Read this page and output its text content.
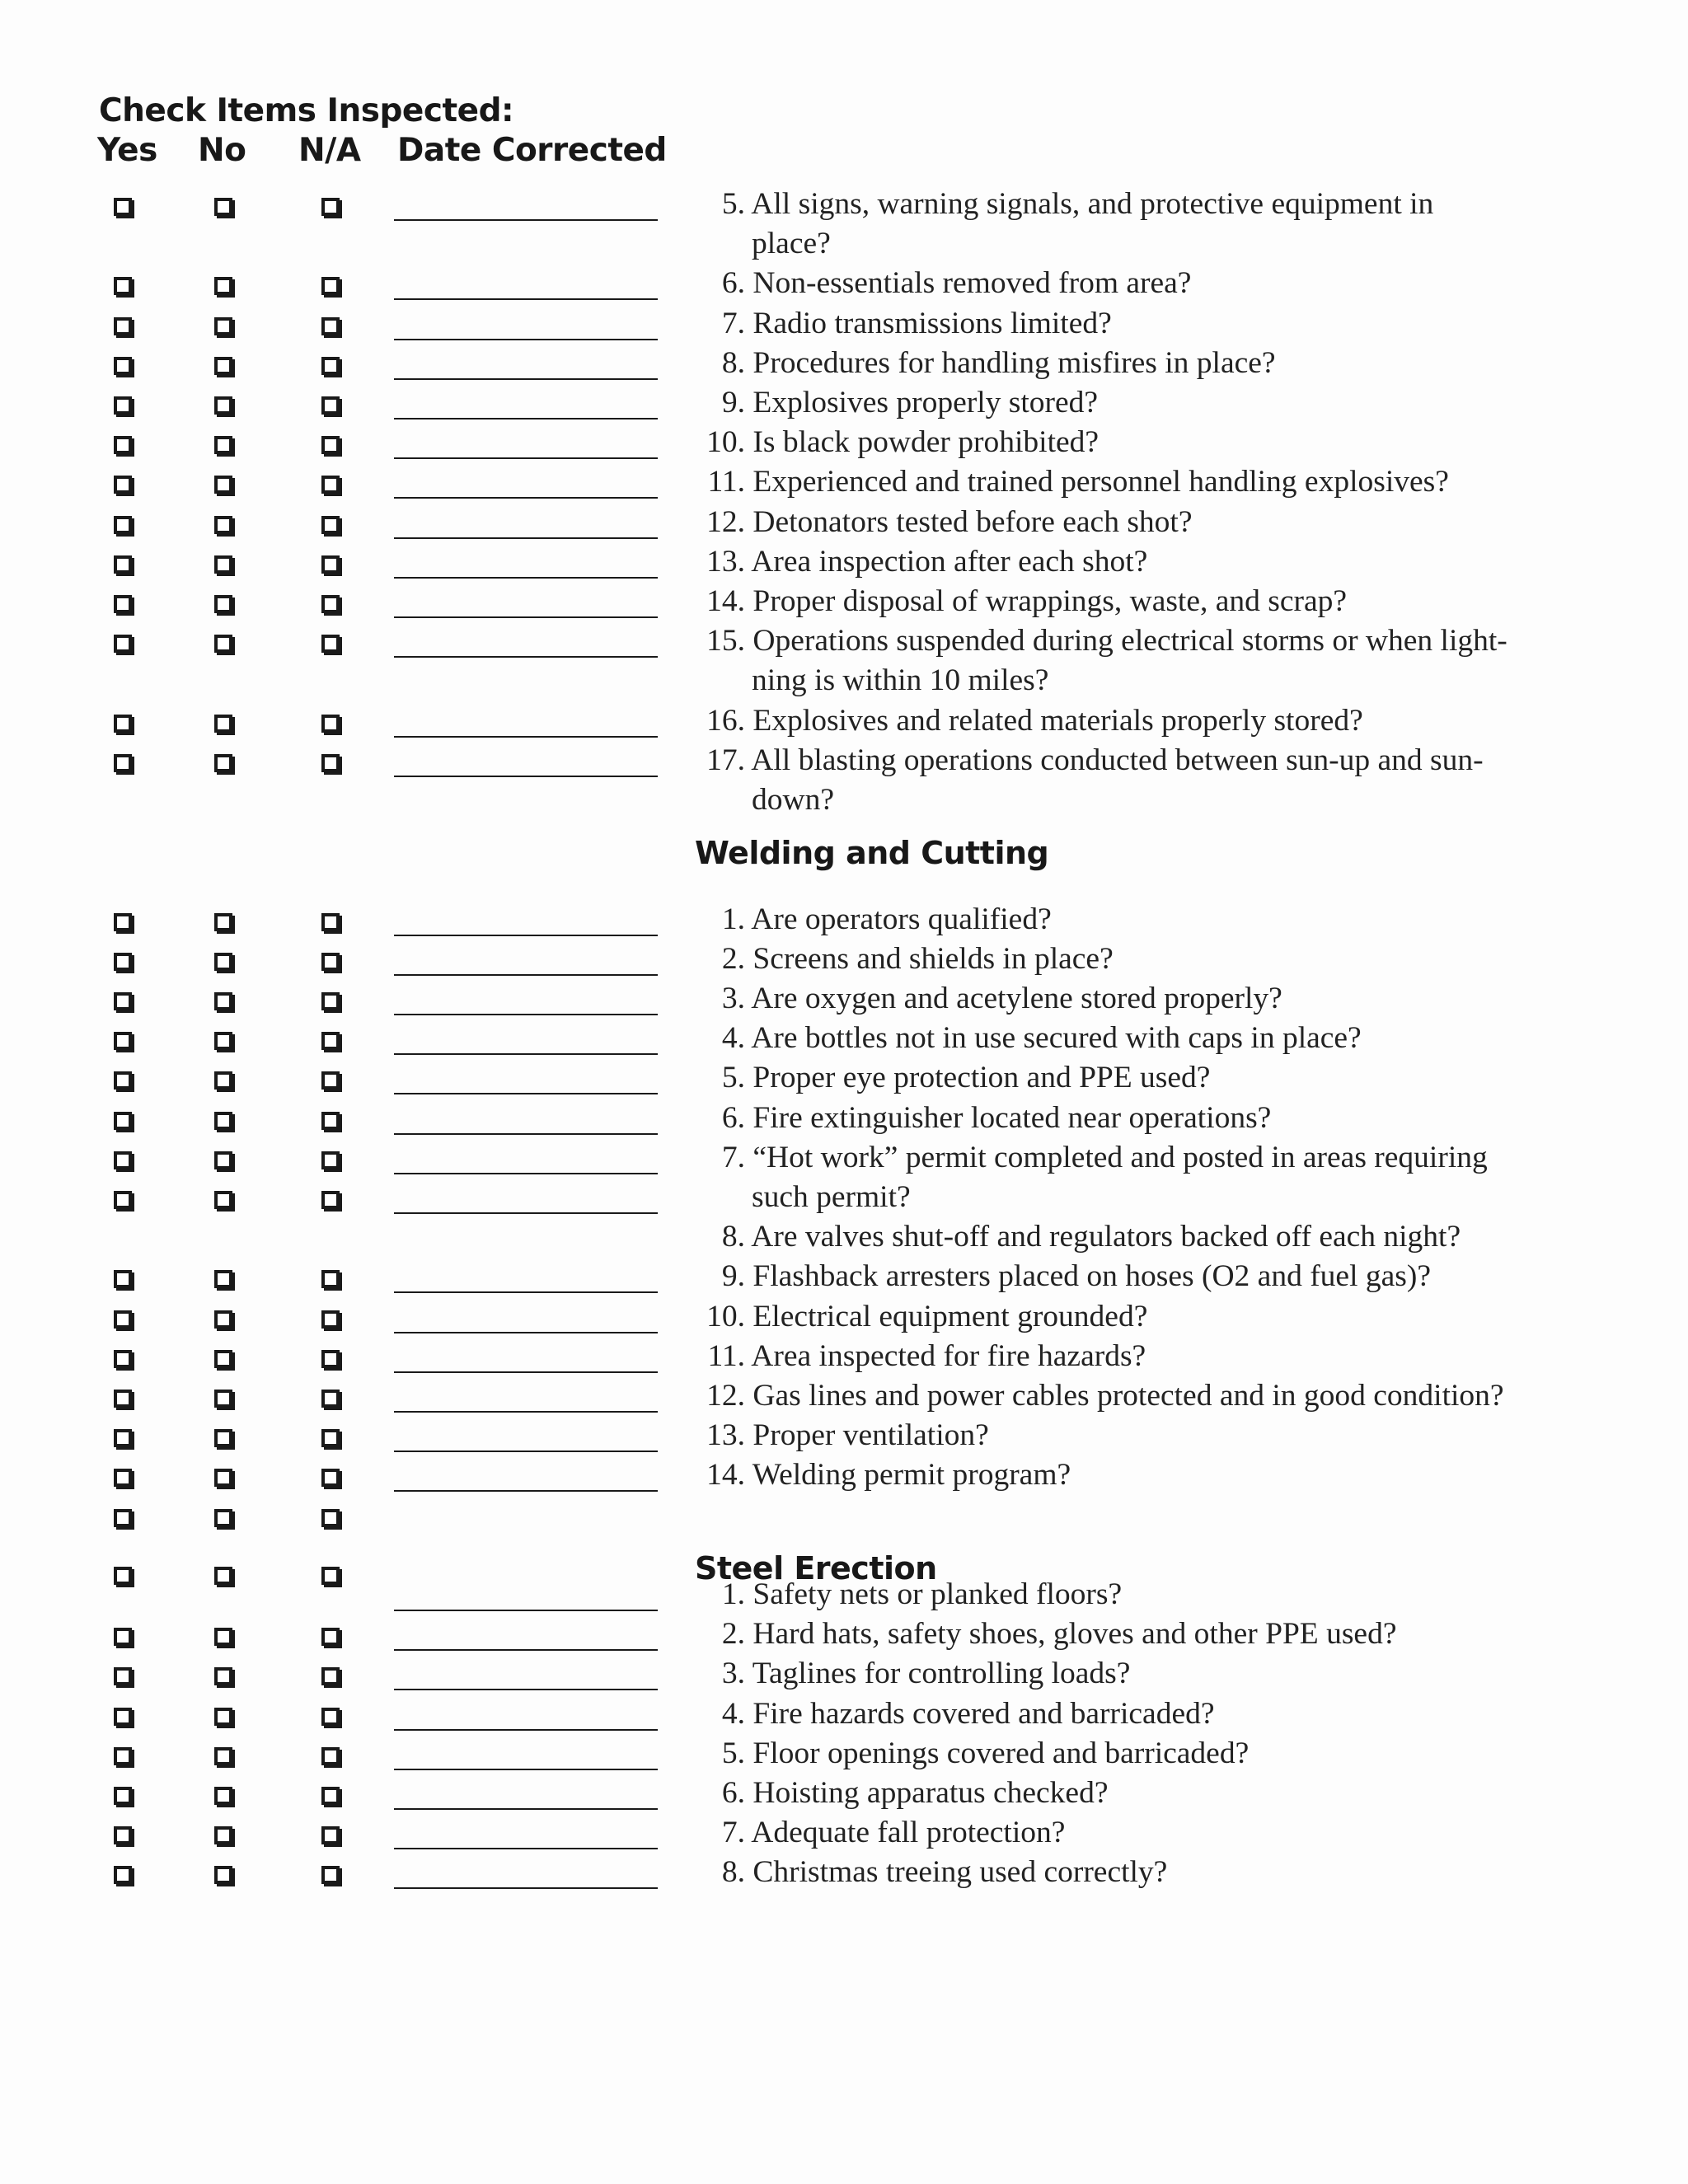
Check Items Inspected:
Yes No N/A Date Corrected
5. All signs, warning signals, and protective equipment in
place?
6. Non-essentials removed from area?
7. Radio transmissions limited?
8. Procedures for handling misfires in place?
9. Explosives properly stored?
10. Is black powder prohibited?
11. Experienced and trained personnel handling explosives?
12. Detonators tested before each shot?
13. Area inspection after each shot?
14. Proper disposal of wrappings, waste, and scrap?
15. Operations suspended during electrical storms or when light-
ning is within 10 miles?
16. Explosives and related materials properly stored?
17. All blasting operations conducted between sun-up and sun-
down?
Welding and Cutting
1. Are operators qualified?
2. Screens and shields in place?
3. Are oxygen and acetylene stored properly?
4. Are bottles not in use secured with caps in place?
5. Proper eye protection and PPE used?
6. Fire extinguisher located near operations?
7. “Hot work” permit completed and posted in areas requiring
such permit?
8. Are valves shut-off and regulators backed off each night?
9. Flashback arresters placed on hoses (O2 and fuel gas)?
10. Electrical equipment grounded?
11. Area inspected for fire hazards?
12. Gas lines and power cables protected and in good condition?
13. Proper ventilation?
14. Welding permit program?
Steel Erection
1. Safety nets or planked floors?
2. Hard hats, safety shoes, gloves and other PPE used?
3. Taglines for controlling loads?
4. Fire hazards covered and barricaded?
5. Floor openings covered and barricaded?
6. Hoisting apparatus checked?
7. Adequate fall protection?
8. Christmas treeing used correctly?
